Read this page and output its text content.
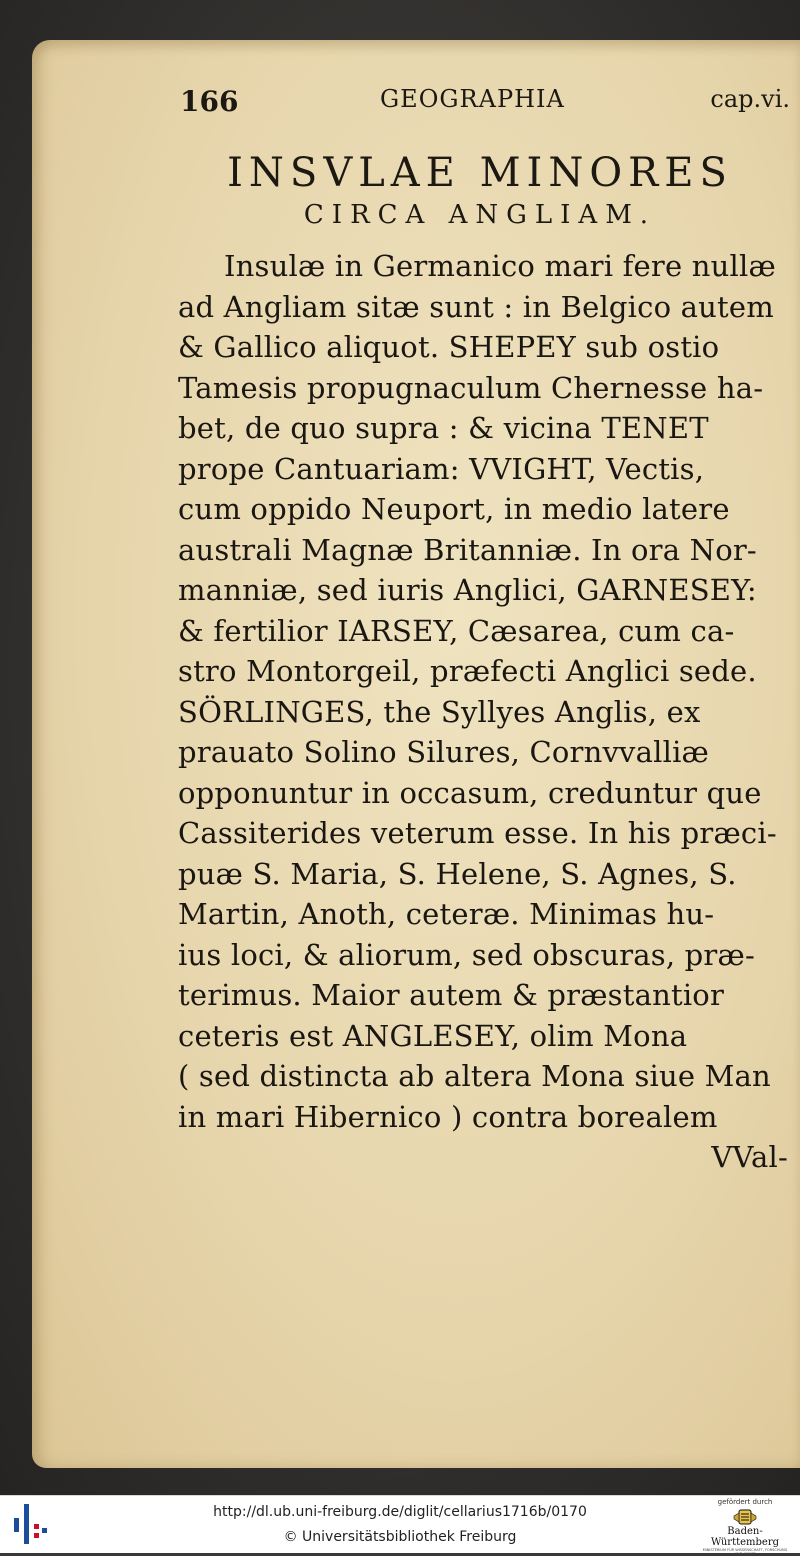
166	GEOGRAPHIA	cap.vi.
INSVLAE MINORES
CIRCA ANGLIAM.
Insulæ in Germanico mari fere nullæ
ad Angliam sitæ sunt : in Belgico autem
& Gallico aliquot. SHEPEY sub ostio
Tamesis propugnaculum Chernesse ha-
bet, de quo supra : & vicina TENET
prope Cantuariam: VVIGHT, Vectis,
cum oppido Neuport, in medio latere
australi Magnæ Britanniæ. In ora Nor-
manniæ, sed iuris Anglici, GARNESEY:
& fertilior IARSEY, Cæsarea, cum ca-
stro Montorgeil, præfecti Anglici sede.
SÖRLINGES, the Syllyes Anglis, ex
prauato Solino Silures, Cornvvalliæ
opponuntur in occasum, creduntur que
Cassiterides veterum esse. In his præci-
puæ S. Maria, S. Helene, S. Agnes, S.
Martin, Anoth, ceteræ. Minimas hu-
ius loci, & aliorum, sed obscuras, præ-
terimus. Maior autem & præstantior
ceteris est ANGLESEY, olim Mona
( sed distincta ab altera Mona siue Man
in mari Hibernico ) contra borealem
VVal-
http://dl.ub.uni-freiburg.de/diglit/cellarius1716b/0170
© Universitätsbibliothek Freiburg
gefördert durch
Baden-Württemberg
MINISTERIUM FÜR WISSENSCHAFT, FORSCHUNG UND KUNST
